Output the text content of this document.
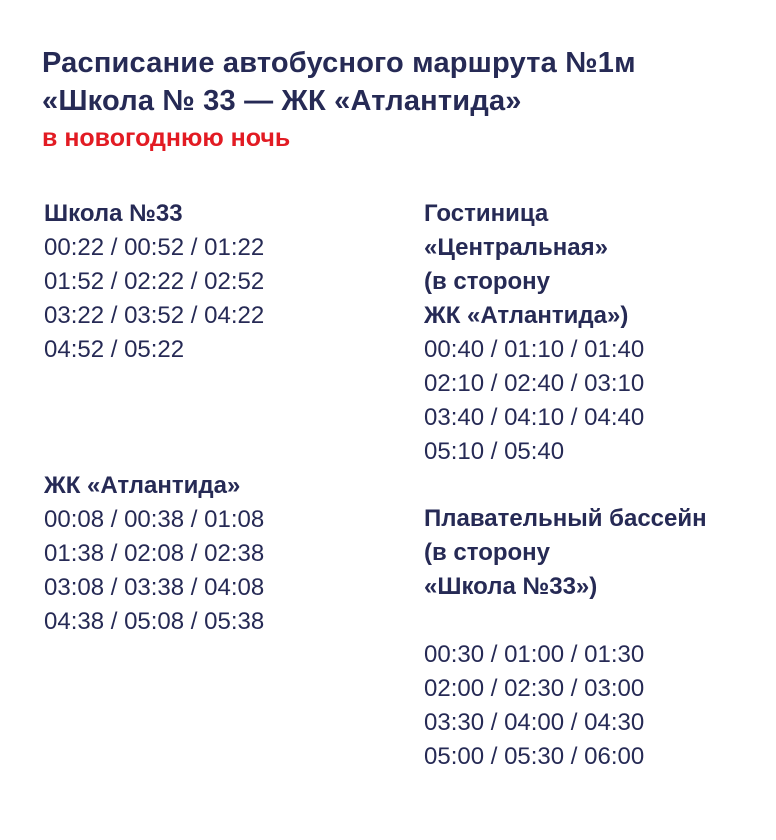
Расписание автобусного маршрута №1м
«Школа № 33 — ЖК «Атлантида»
в новогоднюю ночь
Школа №33
00:22 / 00:52 / 01:22
01:52 / 02:22 / 02:52
03:22 / 03:52 / 04:22
04:52 / 05:22
ЖК «Атлантида»
00:08 / 00:38 / 01:08
01:38 / 02:08 / 02:38
03:08 / 03:38 / 04:08
04:38 / 05:08 / 05:38
Гостиница
«Центральная»
(в сторону
ЖК «Атлантида»)
00:40 / 01:10 / 01:40
02:10 / 02:40 / 03:10
03:40 / 04:10 / 04:40
05:10 / 05:40
Плавательный бассейн
(в сторону
«Школа №33»)
00:30 / 01:00 / 01:30
02:00 / 02:30 / 03:00
03:30 / 04:00 / 04:30
05:00 / 05:30 / 06:00
